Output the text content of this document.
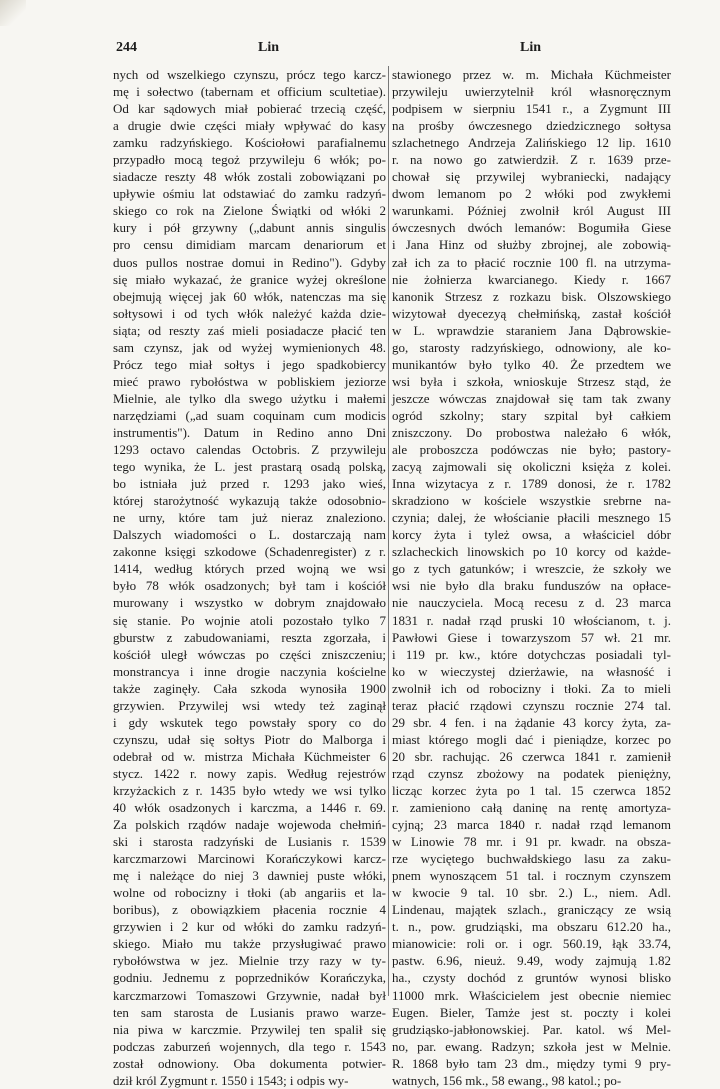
244	Lin	Lin
nych od wszelkiego czynszu, prócz tego karcz-
mę i sołectwo (tabernam et officium scultetiae).
Od kar sądowych miał pobierać trzecią część,
a drugie dwie części miały wpływać do kasy
zamku radzyńskiego. Kościołowi parafialnemu
przypadło mocą tegoż przywileju 6 włók; po-
siadacze reszty 48 włók zostali zobowiązani po
upływie ośmiu lat odstawiać do zamku radzyń-
skiego co rok na Zielone Świątki od włóki 2
kury i pół grzywny („dabunt annis singulis
pro censu dimidiam marcam denariorum et
duos pullos nostrae domui in Redino"). Gdyby
się miało wykazać, że granice wyżej określone
obejmują więcej jak 60 włók, natenczas ma się
sołtysowi i od tych włók należyć każda dzie-
siąta; od reszty zaś mieli posiadacze płacić ten
sam czynsz, jak od wyżej wymienionych 48.
Prócz tego miał sołtys i jego spadkobiercy
mieć prawo rybołóstwa w pobliskiem jeziorze
Mielnie, ale tylko dla swego użytku i małemi
narzędziami („ad suam coquinam cum modicis
instrumentis"). Datum in Redino anno Dni
1293 octavo calendas Octobris. Z przywileju
tego wynika, że L. jest prastarą osadą polską,
bo istniała już przed r. 1293 jako wieś,
której starożytność wykazują także odosobnio-
ne urny, które tam już nieraz znaleziono.
Dalszych wiadomości o L. dostarczają nam
zakonne księgi szkodowe (Schadenregister) z r.
1414, według których przed wojną we wsi
było 78 włók osadzonych; był tam i kościół
murowany i wszystko w dobrym znajdowało
się stanie. Po wojnie atoli pozostało tylko 7
gburstw z zabudowaniami, reszta zgorzała, i
kościół uległ wówczas po części zniszczeniu;
monstrancya i inne drogie naczynia kościelne
także zaginęły. Cała szkoda wynosiła 1900
grzywien. Przywilej wsi wtedy też zaginął
i gdy wskutek tego powstały spory co do
czynszu, udał się sołtys Piotr do Malborga i
odebrał od w. mistrza Michała Küchmeister 6
stycz. 1422 r. nowy zapis. Według rejestrów
krzyżackich z r. 1435 było wtedy we wsi tylko
40 włók osadzonych i karczma, a 1446 r. 69.
Za polskich rządów nadaje wojewoda chełmiń-
ski i starosta radzyński de Lusianis r. 1539
karczmarzowi Marcinowi Korańczykowi karcz-
mę i należące do niej 3 dawniej puste włóki,
wolne od robocizny i tłoki (ab angariis et la-
boribus), z obowiązkiem płacenia rocznie 4
grzywien i 2 kur od włóki do zamku radzyń-
skiego. Miało mu także przysługiwać prawo
rybołówstwa w jez. Mielnie trzy razy w ty-
godniu. Jednemu z poprzedników Korańczyka,
karczmarzowi Tomaszowi Grzywnie, nadał był
ten sam starosta de Lusianis prawo warze-
nia piwa w karczmie. Przywilej ten spalił się
podczas zaburzeń wojennych, dla tego r. 1543
został odnowiony. Oba dokumenta potwier-
dził król Zygmunt r. 1550 i 1543; i odpis wy-
stawionego przez w. m. Michała Küchmeister
przywileju uwierzytelnił król własnoręcznym
podpisem w sierpniu 1541 r., a Zygmunt III
na prośby ówczesnego dziedzicznego sołtysa
szlachetnego Andrzeja Zalińskiego 12 lip. 1610
r. na nowo go zatwierdził. Z r. 1639 prze-
chował się przywilej wybraniecki, nadający
dwom lemanom po 2 włóki pod zwykłemi
warunkami. Później zwolnił król August III
ówczesnych dwóch lemanów: Bogumiła Giese
i Jana Hinz od służby zbrojnej, ale zobowią-
zał ich za to płacić rocznie 100 fl. na utrzyma-
nie żołnierza kwarcianego. Kiedy r. 1667
kanonik Strzesz z rozkazu bisk. Olszowskiego
wizytował dyecezyą chełmińską, zastał kościół
w L. wprawdzie staraniem Jana Dąbrowskie-
go, starosty radzyńskiego, odnowiony, ale ko-
munikantów było tylko 40. Że przedtem we
wsi była i szkoła, wnioskuje Strzesz stąd, że
jeszcze wówczas znajdował się tam tak zwany
ogród szkolny; stary szpital był całkiem
zniszczony. Do probostwa należało 6 włók,
ale proboszcza podówczas nie było; pastory-
zacyą zajmowali się okoliczni księża z kolei.
Inna wizytacya z r. 1789 donosi, że r. 1782
skradziono w kościele wszystkie srebrne na-
czynia; dalej, że włościanie płacili mesznego 15
korcy żyta i tyleż owsa, a właściciel dóbr
szlacheckich linowskich po 10 korcy od każde-
go z tych gatunków; i wreszcie, że szkoły we
wsi nie było dla braku funduszów na opłace-
nie nauczyciela. Mocą recesu z d. 23 marca
1831 r. nadał rząd pruski 10 włościanom, t. j.
Pawłowi Giese i towarzyszom 57 wł. 21 mr.
i 119 pr. kw., które dotychczas posiadali tyl-
ko w wieczystej dzierżawie, na własność i
zwolnił ich od robocizny i tłoki. Za to mieli
teraz płacić rządowi czynszu rocznie 274 tal.
29 sbr. 4 fen. i na żądanie 43 korcy żyta, za-
miast którego mogli dać i pieniądze, korzec po
20 sbr. rachując. 26 czerwca 1841 r. zamienił
rząd czynsz zbożowy na podatek pieniężny,
licząc korzec żyta po 1 tal. 15 czerwca 1852
r. zamieniono całą daninę na rentę amortyza-
cyjną; 23 marca 1840 r. nadał rząd lemanom
w Linowie 78 mr. i 91 pr. kwadr. na obsza-
rze wyciętego buchwałdskiego lasu za zaku-
pnem wynoszącem 51 tal. i rocznym czynszem
w kwocie 9 tal. 10 sbr. 2.) L., niem. Adl.
Lindenau, majątek szlach., graniczący ze wsią
t. n., pow. grudziąski, ma obszaru 612.20 ha.,
mianowicie: roli or. i ogr. 560.19, łąk 33.74,
pastw. 6.96, nieuż. 9.49, wody zajmują 1.82
ha., czysty dochód z gruntów wynosi blisko
11000 mrk. Właścicielem jest obecnie niemiec
Eugen. Bieler, Tamże jest st. poczty i kolei
grudziąsko-jabłonowskiej. Par. katol. wś Mel-
no, par. ewang. Radzyn; szkoła jest w Melnie.
R. 1868 było tam 23 dm., między tymi 9 pry-
watnych, 156 mk., 58 ewang., 98 katol.; po-
